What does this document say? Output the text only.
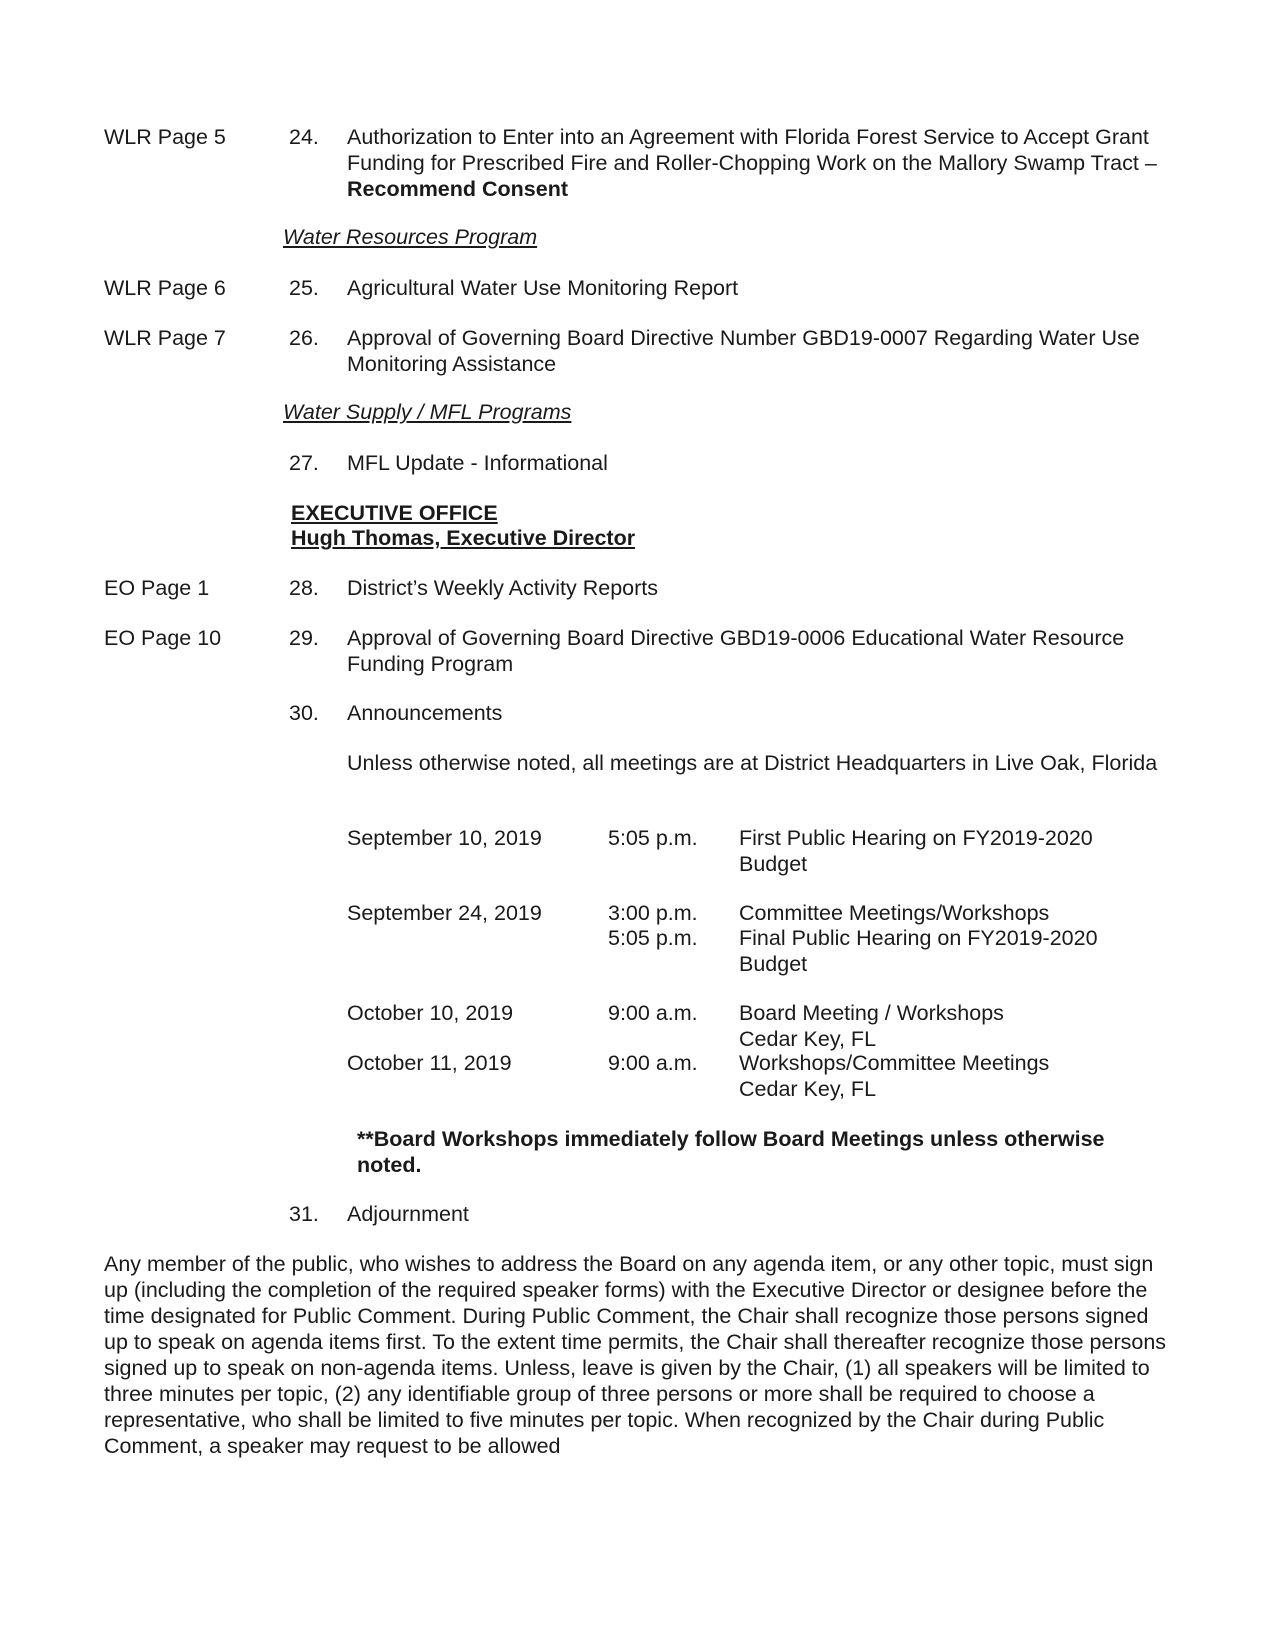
WLR Page 5	24.	Authorization to Enter into an Agreement with Florida Forest Service to Accept Grant Funding for Prescribed Fire and Roller-Chopping Work on the Mallory Swamp Tract – Recommend Consent
Water Resources Program
WLR Page 6	25.	Agricultural Water Use Monitoring Report
WLR Page 7	26.	Approval of Governing Board Directive Number GBD19-0007 Regarding Water Use Monitoring Assistance
Water Supply / MFL Programs
27.	MFL Update - Informational
EXECUTIVE OFFICE
Hugh Thomas, Executive Director
EO Page 1	28.	District’s Weekly Activity Reports
EO Page 10	29.	Approval of Governing Board Directive GBD19-0006 Educational Water Resource Funding Program
30.	Announcements
Unless otherwise noted, all meetings are at District Headquarters in Live Oak, Florida
September 10, 2019	5:05 p.m. First Public Hearing on FY2019-2020 Budget
September 24, 2019	3:00 p.m. Committee Meetings/Workshops
5:05 p.m. Final Public Hearing on FY2019-2020 Budget
October 10, 2019	9:00 a.m. Board Meeting / Workshops
Cedar Key, FL
October 11, 2019	9:00 a.m. Workshops/Committee Meetings
Cedar Key, FL
**Board Workshops immediately follow Board Meetings unless otherwise noted.
31.	Adjournment
Any member of the public, who wishes to address the Board on any agenda item, or any other topic, must sign up (including the completion of the required speaker forms) with the Executive Director or designee before the time designated for Public Comment. During Public Comment, the Chair shall recognize those persons signed up to speak on agenda items first. To the extent time permits, the Chair shall thereafter recognize those persons signed up to speak on non-agenda items. Unless, leave is given by the Chair, (1) all speakers will be limited to three minutes per topic, (2) any identifiable group of three persons or more shall be required to choose a representative, who shall be limited to five minutes per topic. When recognized by the Chair during Public Comment, a speaker may request to be allowed
